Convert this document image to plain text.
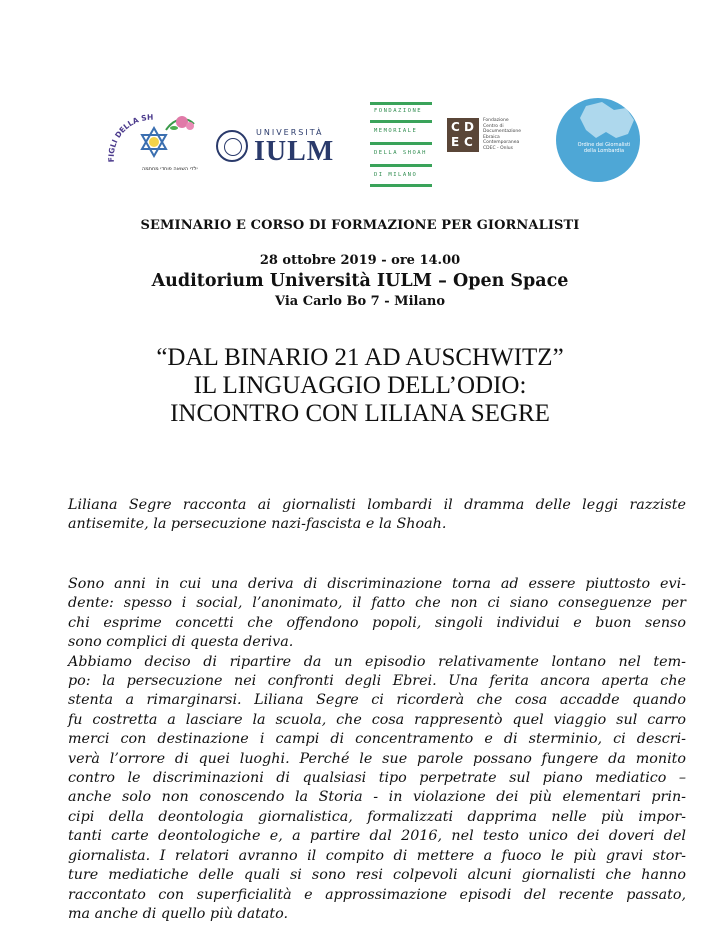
FIGLI DELLA SH
ילדי השואה פוחדי מחתמה
UNIVERSITÀ
IULM
FONDAZIONE
MEMORIALE
DELLA SHOAH
DI MILANO
C D
E C
Fondazione
Centro di
Documentazione
Ebraica
Contemporanea
CDEC - Onlus	Ordine dei Giornalisti
della Lombardia
SEMINARIO E CORSO DI FORMAZIONE PER GIORNALISTI
28 ottobre 2019 - ore 14.00
Auditorium Università IULM – Open Space
Via Carlo Bo 7 - Milano
“DAL BINARIO 21 AD AUSCHWITZ”
IL LINGUAGGIO DELL’ODIO:
INCONTRO CON LILIANA SEGRE
Liliana Segre racconta ai giornalisti lombardi il dramma delle leggi razziste
antisemite, la persecuzione nazi-fascista e la Shoah.
Sono anni in cui una deriva di discriminazione torna ad essere piuttosto evi-
dente: spesso i social, l’anonimato, il fatto che non ci siano conseguenze per
chi esprime concetti che offendono popoli, singoli individui e buon senso
sono complici di questa deriva.
Abbiamo deciso di ripartire da un episodio relativamente lontano nel tem-
po: la persecuzione nei confronti degli Ebrei. Una ferita ancora aperta che
stenta a rimarginarsi. Liliana Segre ci ricorderà che cosa accadde quando
fu costretta a lasciare la scuola, che cosa rappresentò quel viaggio sul carro
merci con destinazione i campi di concentramento e di sterminio, ci descri-
verà l’orrore di quei luoghi. Perché le sue parole possano fungere da monito
contro le discriminazioni di qualsiasi tipo perpetrate sul piano mediatico –
anche solo non conoscendo la Storia - in violazione dei più elementari prin-
cipi della deontologia giornalistica, formalizzati dapprima nelle più impor-
tanti carte deontologiche e, a partire dal 2016, nel testo unico dei doveri del
giornalista. I relatori avranno il compito di mettere a fuoco le più gravi stor-
ture mediatiche delle quali si sono resi colpevoli alcuni giornalisti che hanno
raccontato con superficialità e approssimazione episodi del recente passato,
ma anche di quello più datato.
